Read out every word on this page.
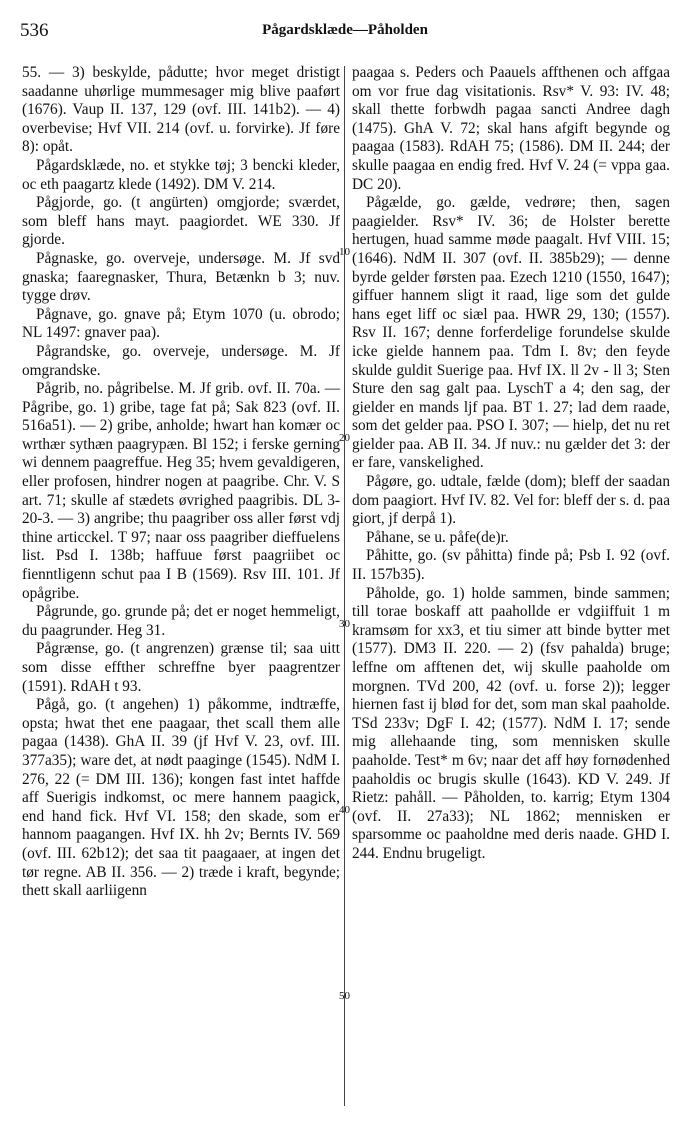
536	Pågardsklæde—Påholden

55. — 3) beskylde, pådutte; hvor meget dristigt saadanne uhørlige mummesager mig blive paaført (1676). Vaup II. 137, 129 (ovf. III. 141b2). — 4) overbevise; Hvf VII. 214 (ovf. u. forvirke). Jf føre 8): opåt.

Pågardsklæde, no. et stykke tøj; 3 bencki kleder, oc eth paagartz klede (1492). DM V. 214.

Pågjorde, go. (t angürten) omgjorde; sværdet, som bleff hans mayt. paagiordet. WE 330. Jf gjorde.

Pågnaske, go. overveje, undersøge. M. Jf svd gnaska; faaregnasker, Thura, Betænkn b 3; nuv. tygge drøv.

Pågnave, go. gnave på; Etym 1070 (u. obrodo; NL 1497: gnaver paa).

Pågrandske, go. overveje, undersøge. M. Jf omgrandske.

Pågrib, no. pågribelse. M. Jf grib. ovf. II. 70a. — Pågribe, go. 1) gribe, tage fat på; Sak 823 (ovf. II. 516a51). — 2) gribe, anholde; hwart han komær oc wrthær sythæn paagrypæn. Bl 152; i ferske gerning wi dennem paagreffue. Heg 35; hvem gevaldigeren, eller profosen, hindrer nogen at paagribe. Chr. V. S art. 71; skulle af stædets øvrighed paagribis. DL 3-20-3. — 3) angribe; thu paagriber oss aller først vdj thine articckel. T 97; naar oss paagriber dieffuelens list. Psd I. 138b; haffuue først paagriibet oc fienntligenn schut paa I B (1569). Rsv III. 101. Jf opågribe.

Pågrunde, go. grunde på; det er noget hemmeligt, du paagrunder. Heg 31.

Pågrænse, go. (t angrenzen) grænse til; saa uitt som disse effther schreffne byer paagrentzer (1591). RdAH t 93.

Pågå, go. (t angehen) 1) påkomme, indtræffe, opsta; hwat thet ene paagaar, thet scall them alle pagaa (1438). GhA II. 39 (jf Hvf V. 23, ovf. III. 377a35); ware det, at nødt paaginge (1545). NdM I. 276, 22 (= DM III. 136); kongen fast intet haffde aff Suerigis indkomst, oc mere hannem paagick, end hand fick. Hvf VI. 158; den skade, som er hannom paagangen. Hvf IX. hh 2v; Bernts IV. 569 (ovf. III. 62b12); det saa tit paagaaer, at ingen det tør regne. AB II. 356. — 2) træde i kraft, begynde; thett skall aarliigenn

10
20
30
40
50

paagaa s. Peders och Paauels affthenen och affgaa om vor frue dag visitationis. Rsv* V. 93: IV. 48; skall thette forbwdh pagaa sancti Andree dagh (1475). GhA V. 72; skal hans afgift begynde og paagaa (1583). RdAH 75; (1586). DM II. 244; der skulle paagaa en endig fred. Hvf V. 24 (= vppa gaa. DC 20).

Pågælde, go. gælde, vedrøre; then, sagen paagielder. Rsv* IV. 36; de Holster berette hertugen, huad samme møde paagalt. Hvf VIII. 15; (1646). NdM II. 307 (ovf. II. 385b29); — denne byrde gelder førsten paa. Ezech 1210 (1550, 1647); giffuer hannem sligt it raad, lige som det gulde hans eget liff oc siæl paa. HWR 29, 130; (1557). Rsv II. 167; denne forferdelige forundelse skulde icke gielde hannem paa. Tdm I. 8v; den feyde skulde guldit Suerige paa. Hvf IX. ll 2v - ll 3; Sten Sture den sag galt paa. LyschT a 4; den sag, der gielder en mands ljf paa. BT 1. 27; lad dem raade, som det gelder paa. PSO I. 307; — hielp, det nu ret gielder paa. AB II. 34. Jf nuv.: nu gælder det 3: der er fare, vanskelighed.

Pågøre, go. udtale, fælde (dom); bleff der saadan dom paagiort. Hvf IV. 82. Vel for: bleff der s. d. paa giort, jf derpå 1).

Påhane, se u. påfe(de)r.

Påhitte, go. (sv påhitta) finde på; Psb I. 92 (ovf. II. 157b35).

Påholde, go. 1) holde sammen, binde sammen; till torae boskaff att paahollde er vdgiiffuit 1 m kramsøm for xx3, et tiu simer att binde bytter met (1577). DM3 II. 220. — 2) (fsv pahalda) bruge; leffne om afftenen det, wij skulle paaholde om morgnen. TVd 200, 42 (ovf. u. forse 2)); legger hiernen fast ij blød for det, som man skal paaholde. TSd 233v; DgF I. 42; (1577). NdM I. 17; sende mig allehaande ting, som mennisken skulle paaholde. Test* m 6v; naar det aff høy fornødenhed paaholdis oc brugis skulle (1643). KD V. 249. Jf Rietz: pahåll. — Påholden, to. karrig; Etym 1304 (ovf. II. 27a33); NL 1862; mennisken er sparsomme oc paaholdne med deris naade. GHD I. 244. Endnu brugeligt.
